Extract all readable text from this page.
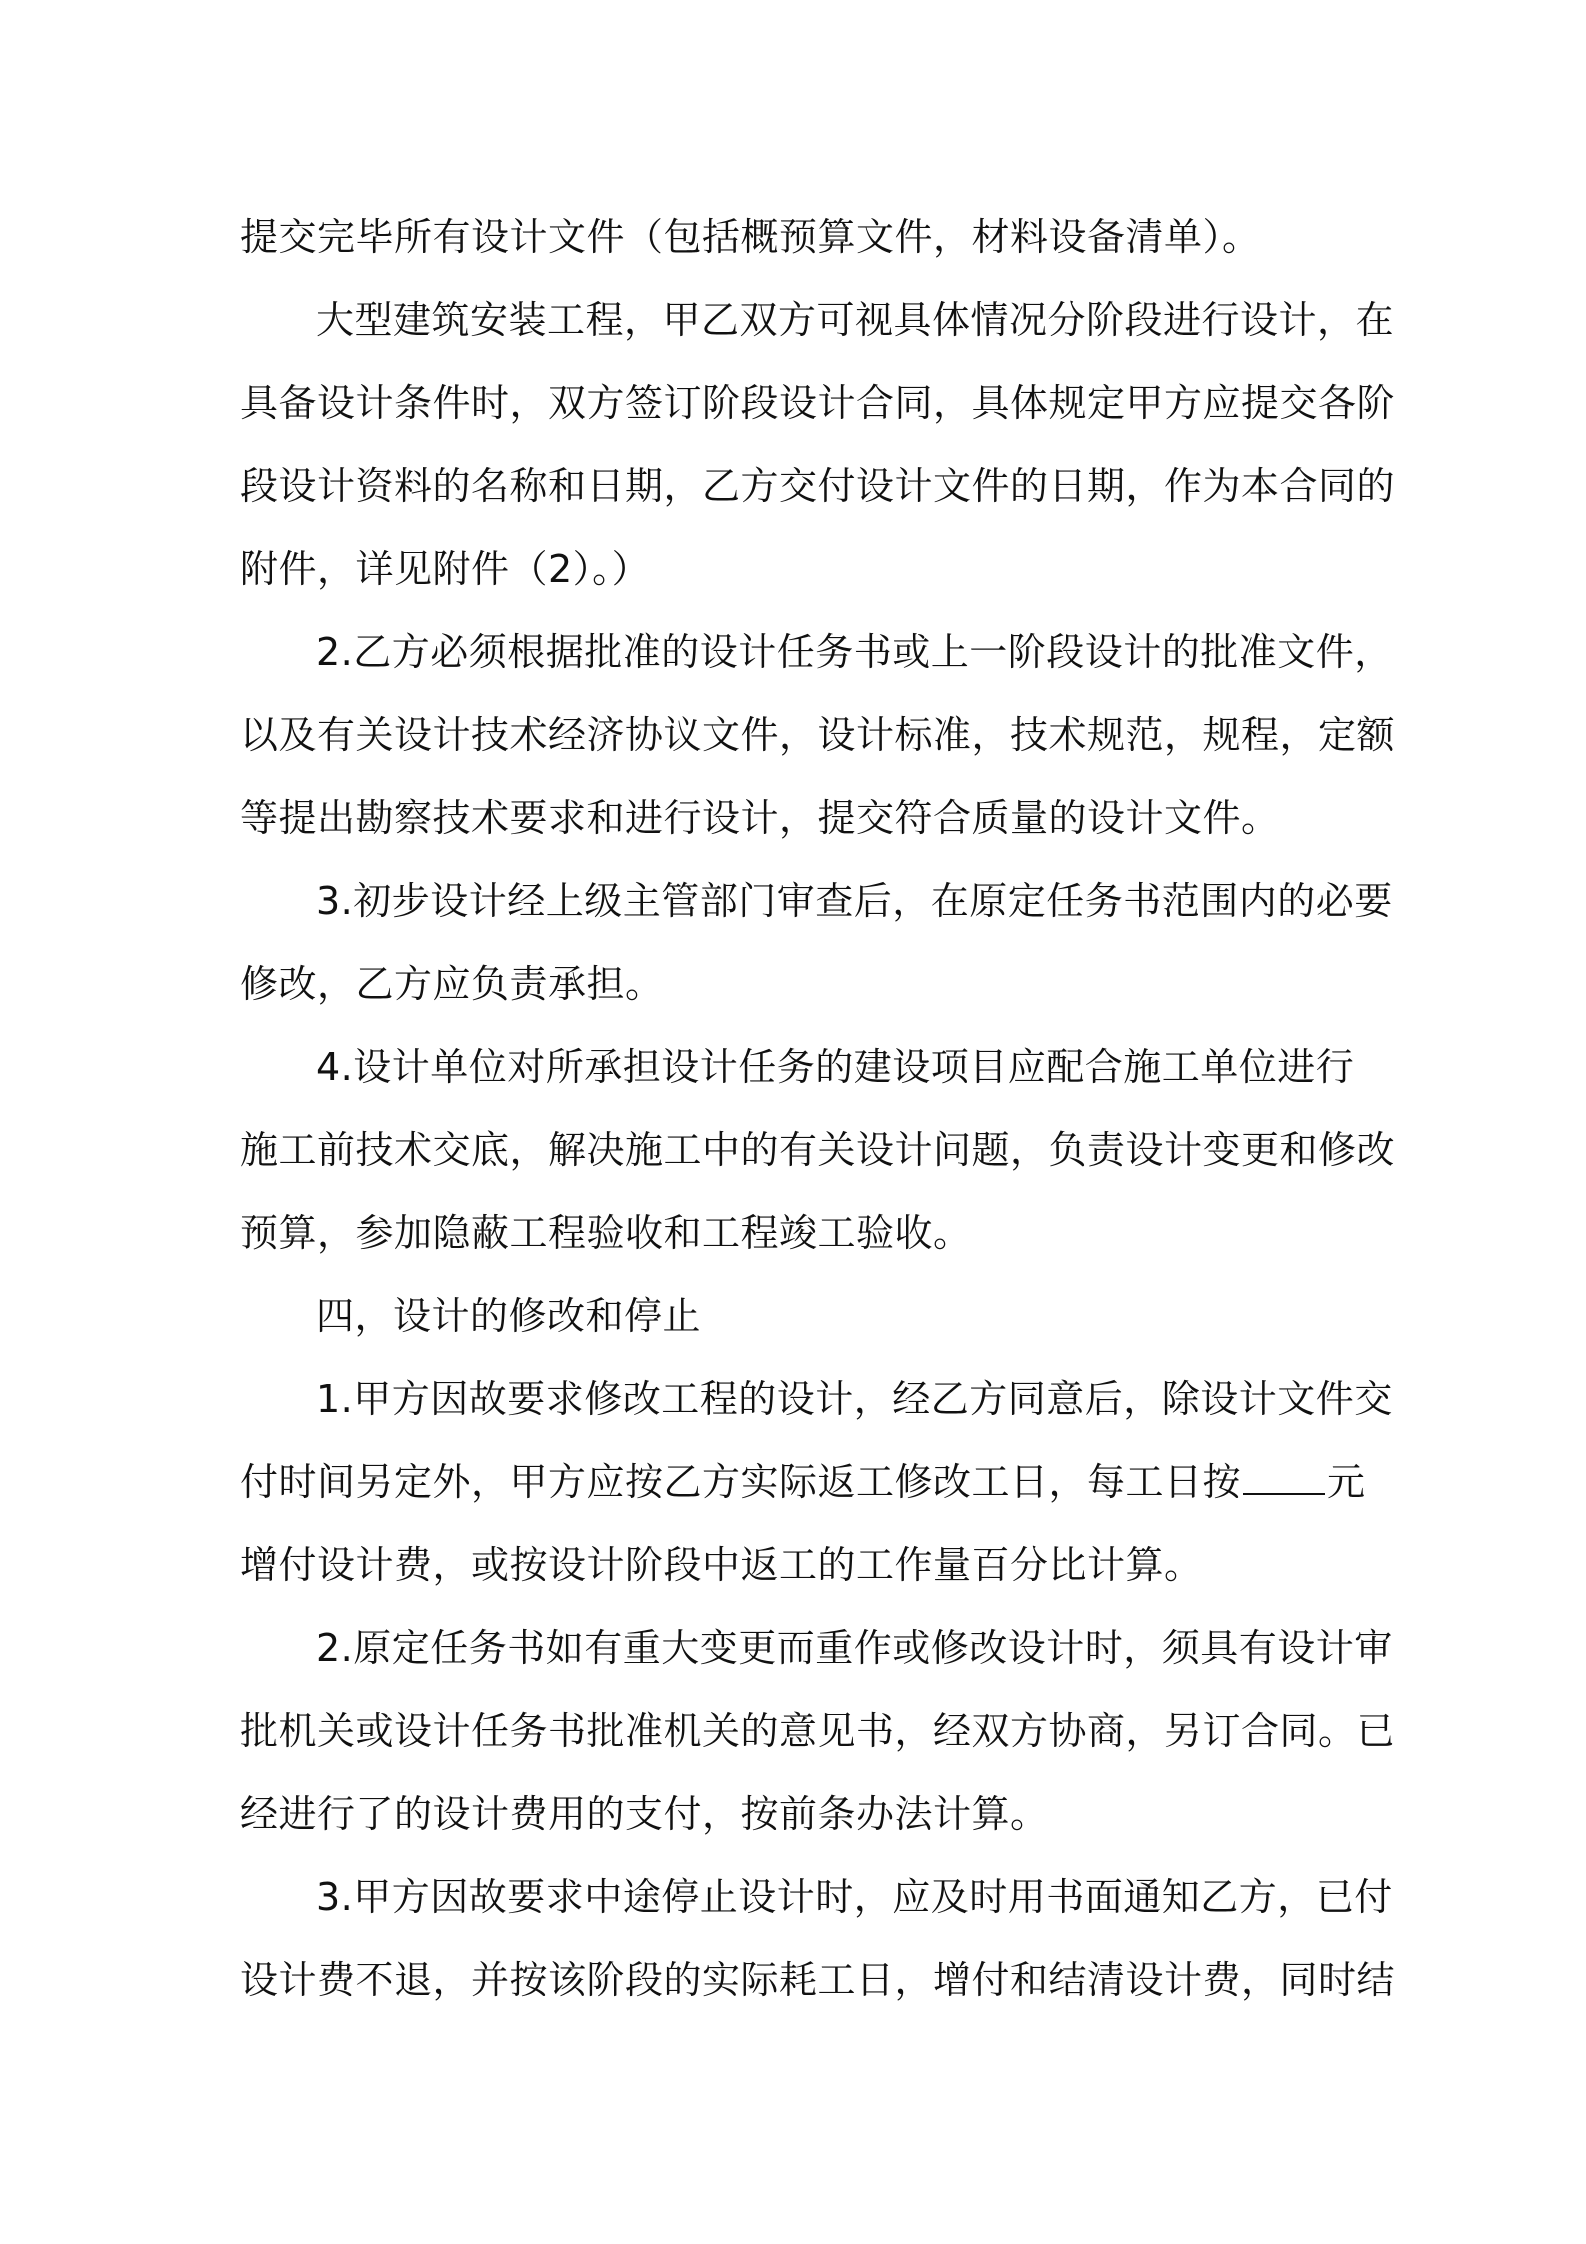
提交完毕所有设计文件（包括概预算文件，材料设备清单）。
大型建筑安装工程，甲乙双方可视具体情况分阶段进行设计，在
具备设计条件时，双方签订阶段设计合同，具体规定甲方应提交各阶
段设计资料的名称和日期，乙方交付设计文件的日期，作为本合同的
附件，详见附件（2）。）
2.乙方必须根据批准的设计任务书或上一阶段设计的批准文件，
以及有关设计技术经济协议文件，设计标准，技术规范，规程，定额
等提出勘察技术要求和进行设计，提交符合质量的设计文件。
3.初步设计经上级主管部门审查后，在原定任务书范围内的必要
修改，乙方应负责承担。
4.设计单位对所承担设计任务的建设项目应配合施工单位进行
施工前技术交底，解决施工中的有关设计问题，负责设计变更和修改
预算，参加隐蔽工程验收和工程竣工验收。
四，设计的修改和停止
1.甲方因故要求修改工程的设计，经乙方同意后，除设计文件交
付时间另定外，甲方应按乙方实际返工修改工日，每工日按 元
增付设计费，或按设计阶段中返工的工作量百分比计算。
2.原定任务书如有重大变更而重作或修改设计时，须具有设计审
批机关或设计任务书批准机关的意见书，经双方协商，另订合同。已
经进行了的设计费用的支付，按前条办法计算。
3.甲方因故要求中途停止设计时，应及时用书面通知乙方，已付
设计费不退，并按该阶段的实际耗工日，增付和结清设计费，同时结
